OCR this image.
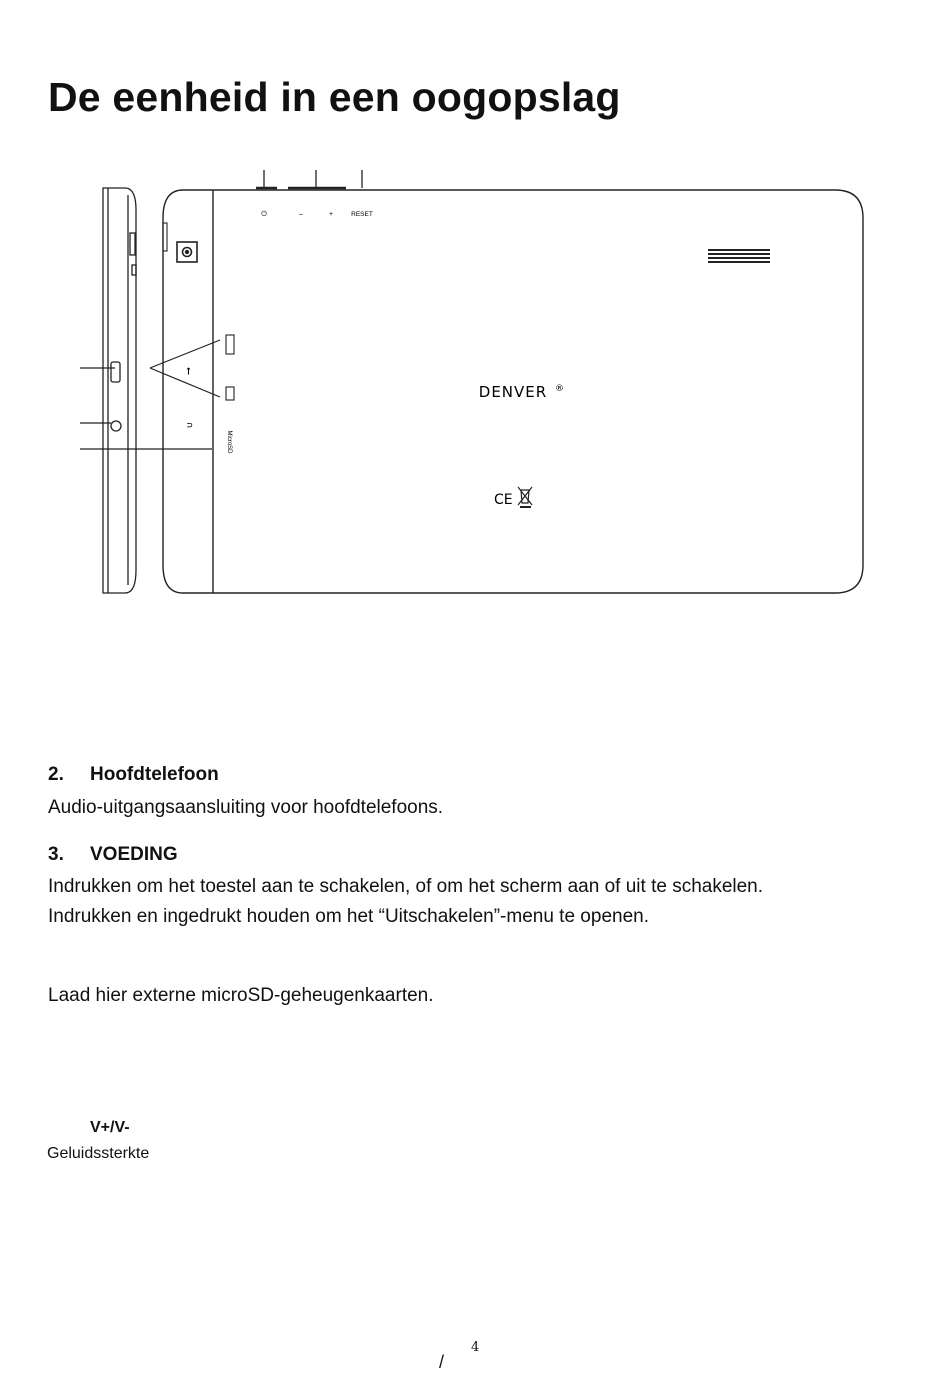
De eenheid in een oogopslag
⏻	–	+	RESET
⭠
∩
MicroSD
DENVER ®
CE
2. Hoofdtelefoon
Audio-uitgangsaansluiting voor hoofdtelefoons.
3. VOEDING
Indrukken om het toestel aan te schakelen, of om het scherm aan of uit te schakelen.
Indrukken en ingedrukt houden om het “Uitschakelen”-menu te openen.
Laad hier externe microSD-geheugenkaarten.
V+/V-
Geluidssterkte
4
/
